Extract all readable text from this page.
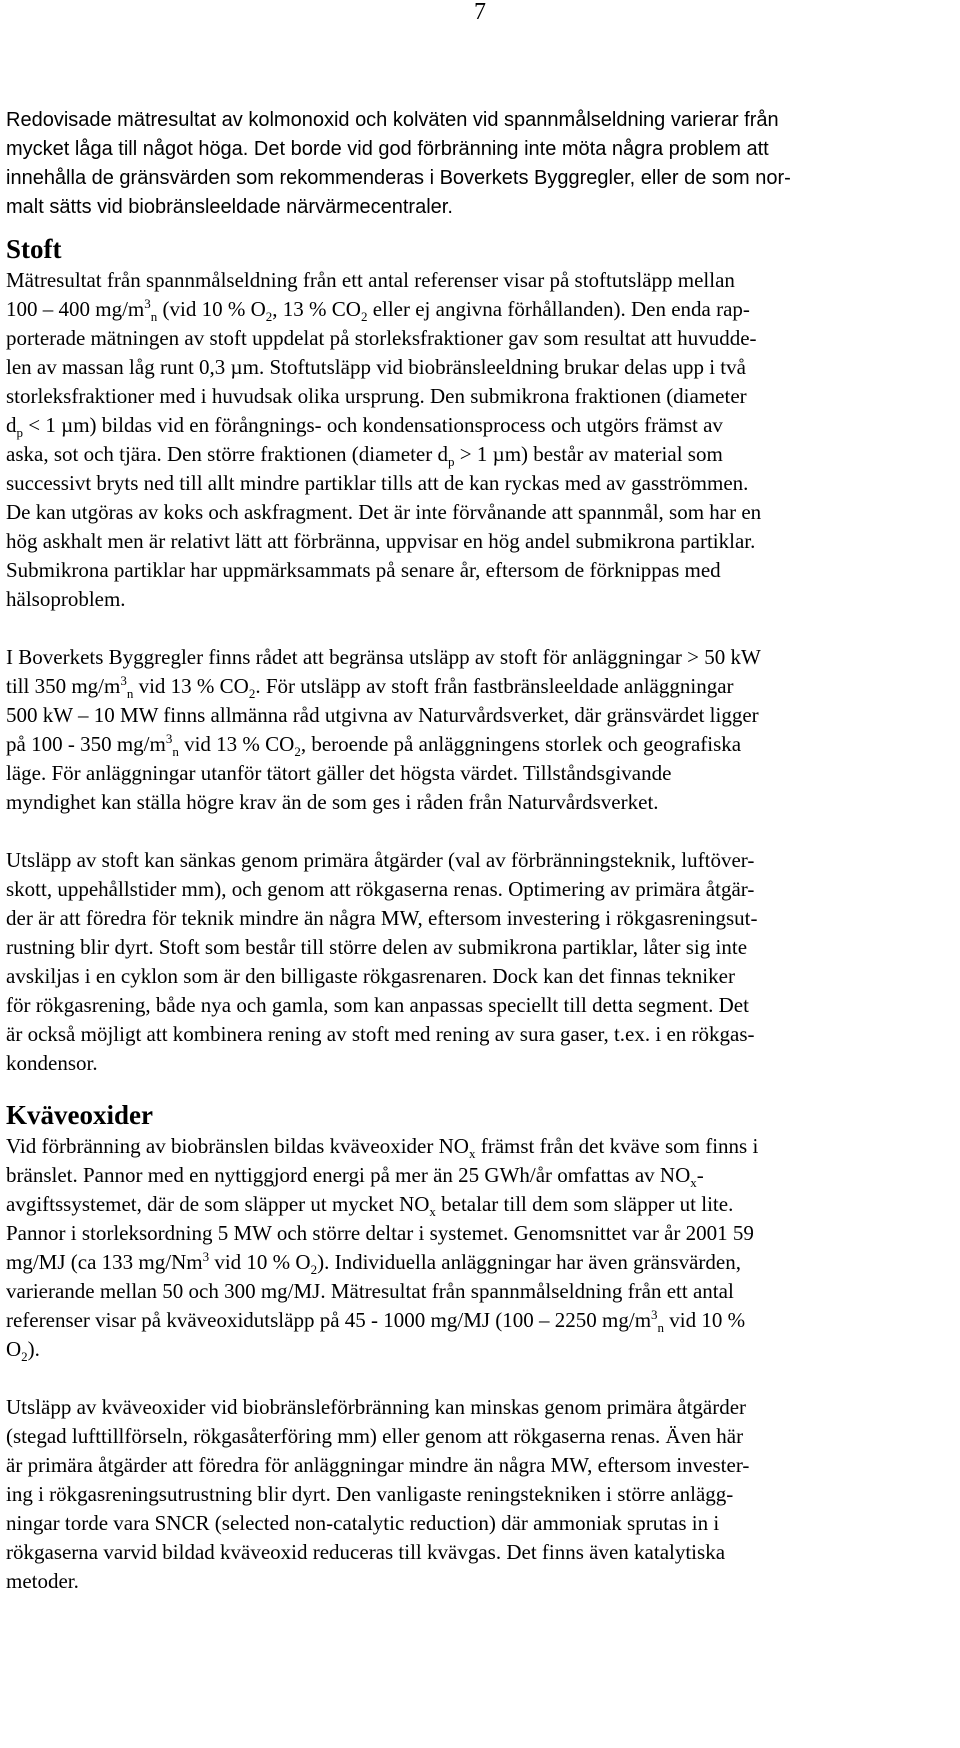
7

Redovisade mätresultat av kolmonoxid och kolväten vid spannmålseldning varierar från
mycket låga till något höga. Det borde vid god förbränning inte möta några problem att
innehålla de gränsvärden som rekommenderas i Boverkets Byggregler, eller de som nor-
malt sätts vid biobränsleeldade närvärmecentraler.

Stoft

Mätresultat från spannmålseldning från ett antal referenser visar på stoftutsläpp mellan
100 – 400 $mg/m^3_n$ (vid 10 % $O_2$, 13 % $CO_2$ eller ej angivna förhållanden). Den enda rap-
porterade mätningen av stoft uppdelat på storleksfraktioner gav som resultat att huvudde-
len av massan låg runt 0,3 µm. Stoftutsläpp vid biobränsleeldning brukar delas upp i två
storleksfraktioner med i huvudsak olika ursprung. Den submikrona fraktionen (diameter
$d_p < 1$ µm) bildas vid en förångnings- och kondensationsprocess och utgörs främst av
aska, sot och tjära. Den större fraktionen (diameter $d_p > 1$ µm) består av material som
successivt bryts ned till allt mindre partiklar tills att de kan ryckas med av gasströmmen.
De kan utgöras av koks och askfragment. Det är inte förvånande att spannmål, som har en
hög askhalt men är relativt lätt att förbränna, uppvisar en hög andel submikrona partiklar.
Submikrona partiklar har uppmärksammats på senare år, eftersom de förknippas med
hälsoproblem.

I Boverkets Byggregler finns rådet att begränsa utsläpp av stoft för anläggningar > 50 kW
till 350 $mg/m^3_n$ vid 13 % $CO_2$. För utsläpp av stoft från fastbränsleeldade anläggningar
500 kW – 10 MW finns allmänna råd utgivna av Naturvårdsverket, där gränsvärdet ligger
på 100 - 350 $mg/m^3_n$ vid 13 % $CO_2$, beroende på anläggningens storlek och geografiska
läge. För anläggningar utanför tätort gäller det högsta värdet. Tillståndsgivande
myndighet kan ställa högre krav än de som ges i råden från Naturvårdsverket.

Utsläpp av stoft kan sänkas genom primära åtgärder (val av förbränningsteknik, luftöver-
skott, uppehållstider mm), och genom att rökgaserna renas. Optimering av primära åtgär-
der är att föredra för teknik mindre än några MW, eftersom investering i rökgasreningsut-
rustning blir dyrt. Stoft som består till större delen av submikrona partiklar, låter sig inte
avskiljas i en cyklon som är den billigaste rökgasrenaren. Dock kan det finnas tekniker
för rökgasrening, både nya och gamla, som kan anpassas speciellt till detta segment. Det
är också möjligt att kombinera rening av stoft med rening av sura gaser, t.ex. i en rökgas-
kondensor.

Kväveoxider

Vid förbränning av biobränslen bildas kväveoxider $NO_x$ främst från det kväve som finns i
bränslet. Pannor med en nyttiggjord energi på mer än 25 GWh/år omfattas av $NO_x-$
avgiftssystemet, där de som släpper ut mycket $NO_x$ betalar till dem som släpper ut lite.
Pannor i storleksordning 5 MW och större deltar i systemet. Genomsnittet var år 2001 59
mg/MJ (ca 133 mg/Nm$^3$ vid 10 % $O_2$). Individuella anläggningar har även gränsvärden,
varierande mellan 50 och 300 mg/MJ. Mätresultat från spannmålseldning från ett antal
referenser visar på kväveoxidutsläpp på 45 - 1000 mg/MJ (100 – 2250 $mg/m^3_n$ vid 10 %
$O_2$).

Utsläpp av kväveoxider vid biobränsleförbränning kan minskas genom primära åtgärder
(stegad lufttillförseln, rökgasåterföring mm) eller genom att rökgaserna renas. Även här
är primära åtgärder att föredra för anläggningar mindre än några MW, eftersom invester-
ing i rökgasreningsutrustning blir dyrt. Den vanligaste reningstekniken i större anlägg-
ningar torde vara SNCR (selected non-catalytic reduction) där ammoniak sprutas in i
rökgaserna varvid bildad kväveoxid reduceras till kvävgas. Det finns även katalytiska
metoder.
